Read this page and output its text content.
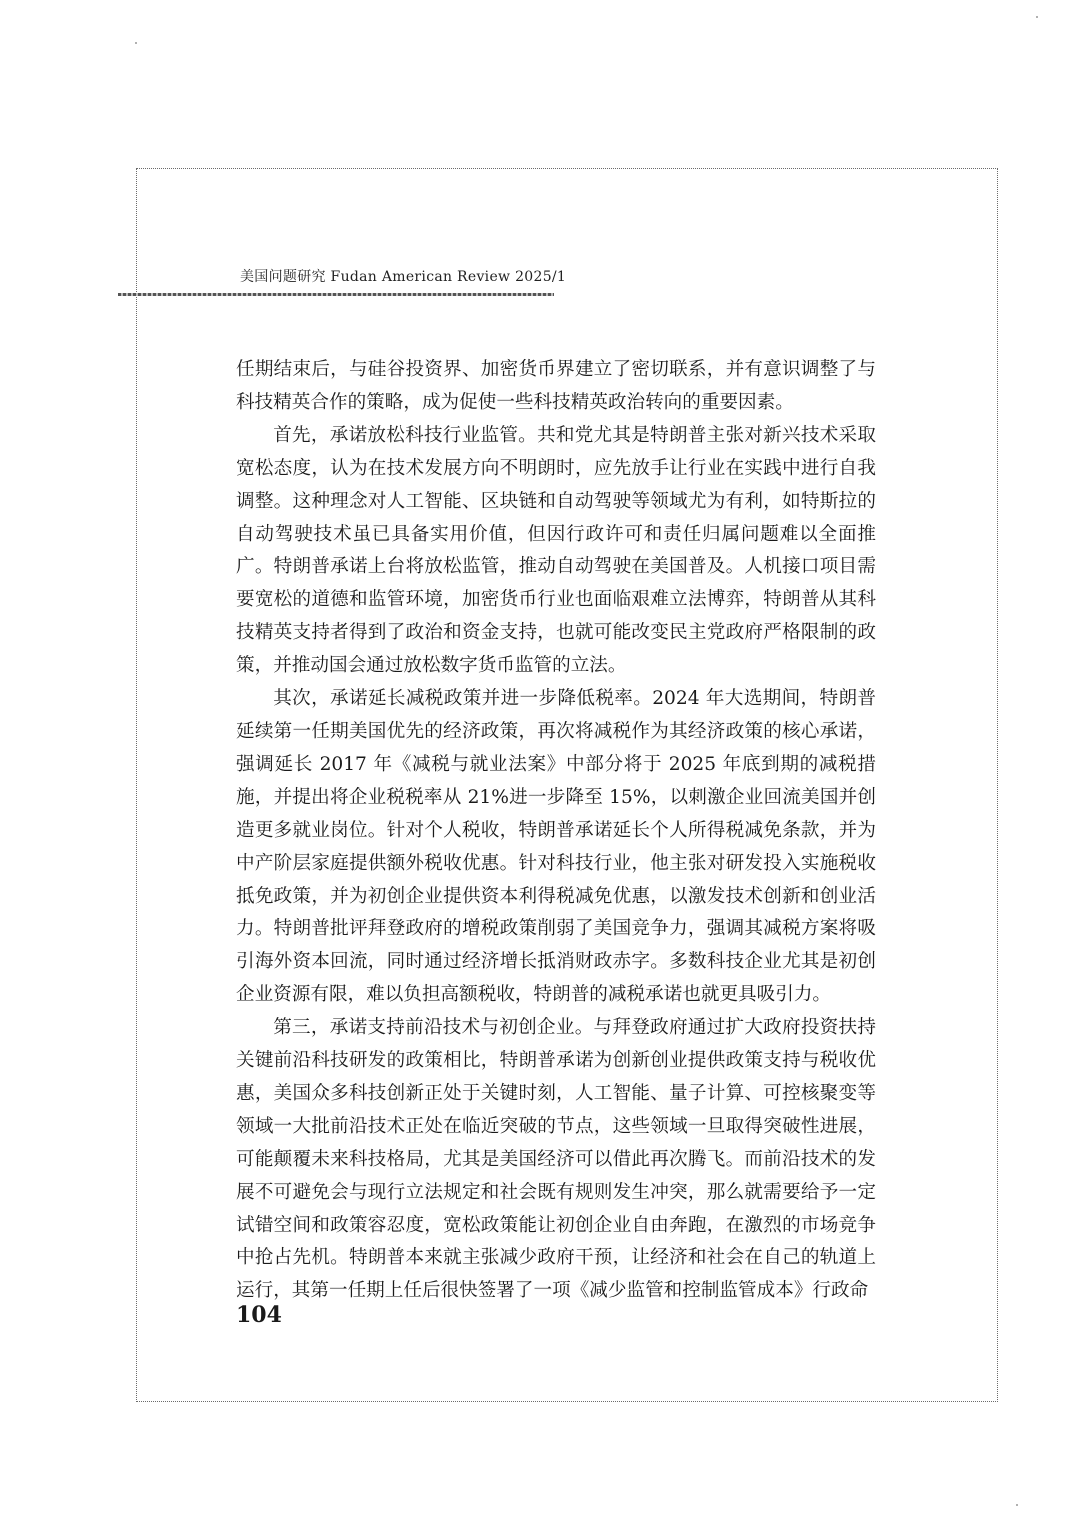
美国问题研究 Fudan American Review 2025/1

任期结束后，与硅谷投资界、加密货币界建立了密切联系，并有意识调整了与科技精英合作的策略，成为促使一些科技精英政治转向的重要因素。

首先，承诺放松科技行业监管。共和党尤其是特朗普主张对新兴技术采取宽松态度，认为在技术发展方向不明朗时，应先放手让行业在实践中进行自我调整。这种理念对人工智能、区块链和自动驾驶等领域尤为有利，如特斯拉的自动驾驶技术虽已具备实用价值，但因行政许可和责任归属问题难以全面推广。特朗普承诺上台将放松监管，推动自动驾驶在美国普及。人机接口项目需要宽松的道德和监管环境，加密货币行业也面临艰难立法博弈，特朗普从其科技精英支持者得到了政治和资金支持，也就可能改变民主党政府严格限制的政策，并推动国会通过放松数字货币监管的立法。

其次，承诺延长减税政策并进一步降低税率。2024 年大选期间，特朗普延续第一任期美国优先的经济政策，再次将减税作为其经济政策的核心承诺，强调延长 2017 年《减税与就业法案》中部分将于 2025 年底到期的减税措施，并提出将企业税税率从 21%进一步降至 15%，以刺激企业回流美国并创造更多就业岗位。针对个人税收，特朗普承诺延长个人所得税减免条款，并为中产阶层家庭提供额外税收优惠。针对科技行业，他主张对研发投入实施税收抵免政策，并为初创企业提供资本利得税减免优惠，以激发技术创新和创业活力。特朗普批评拜登政府的增税政策削弱了美国竞争力，强调其减税方案将吸引海外资本回流，同时通过经济增长抵消财政赤字。多数科技企业尤其是初创企业资源有限，难以负担高额税收，特朗普的减税承诺也就更具吸引力。

第三，承诺支持前沿技术与初创企业。与拜登政府通过扩大政府投资扶持关键前沿科技研发的政策相比，特朗普承诺为创新创业提供政策支持与税收优惠，美国众多科技创新正处于关键时刻，人工智能、量子计算、可控核聚变等领域一大批前沿技术正处在临近突破的节点，这些领域一旦取得突破性进展，可能颠覆未来科技格局，尤其是美国经济可以借此再次腾飞。而前沿技术的发展不可避免会与现行立法规定和社会既有规则发生冲突，那么就需要给予一定试错空间和政策容忍度，宽松政策能让初创企业自由奔跑，在激烈的市场竞争中抢占先机。特朗普本来就主张减少政府干预，让经济和社会在自己的轨道上运行，其第一任期上任后很快签署了一项《减少监管和控制监管成本》行政命

104
